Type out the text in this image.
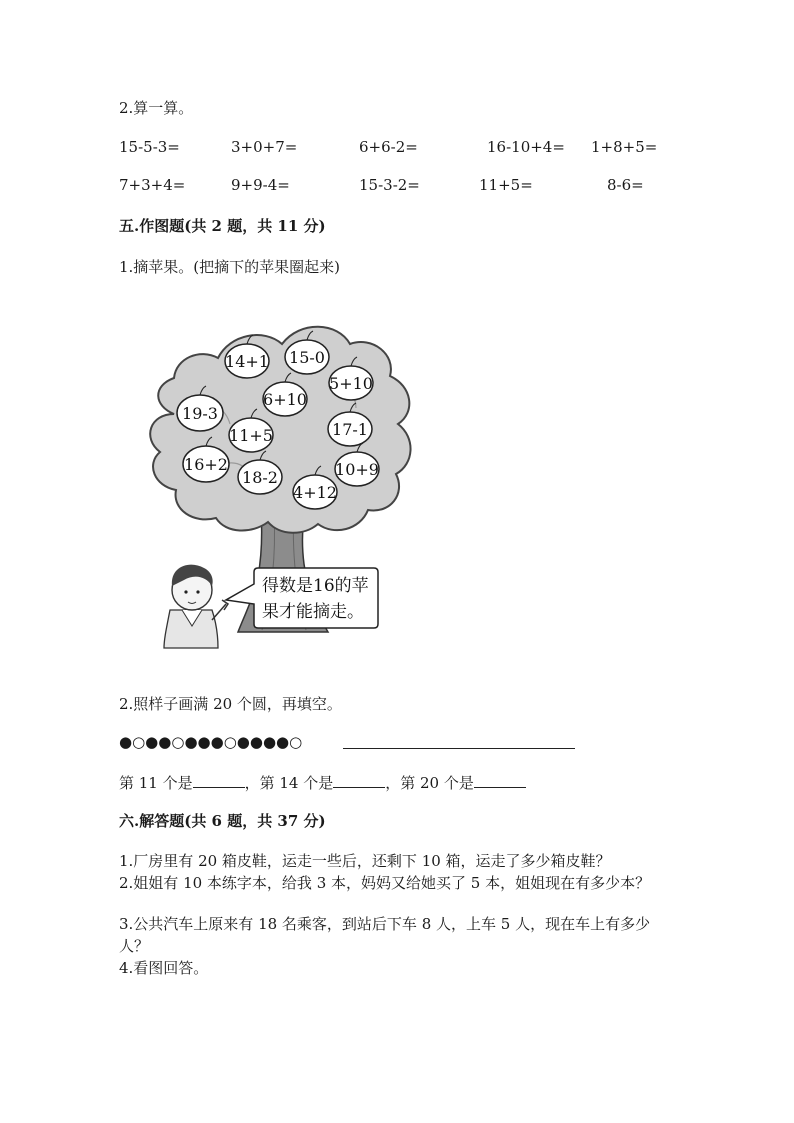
2.算一算。
15-5-3=	3+0+7=	6+6-2=	16-10+4= 1+8+5=
7+3+4=	9+9-4=	15-3-2=	11+5=	8-6=
五.作图题(共 2 题，共 11 分)
1.摘苹果。(把摘下的苹果圈起来)
14+1 15-0
5+10
6+10
19-3
11+5	17-1
16+2
18-2	10+9
4+12
得数是16的苹
果才能摘走。
2.照样子画满 20 个圆，再填空。
●○●●○●●●○●●●●○
第 11 个是	，第 14 个是	，第 20 个是
六.解答题(共 6 题，共 37 分)
1.厂房里有 20 箱皮鞋，运走一些后，还剩下 10 箱，运走了多少箱皮鞋？
2.姐姐有 10 本练字本，给我 3 本，妈妈又给她买了 5 本，姐姐现在有多少本？
3.公共汽车上原来有 18 名乘客，到站后下车 8 人，上车 5 人，现在车上有多少
人？
4.看图回答。
